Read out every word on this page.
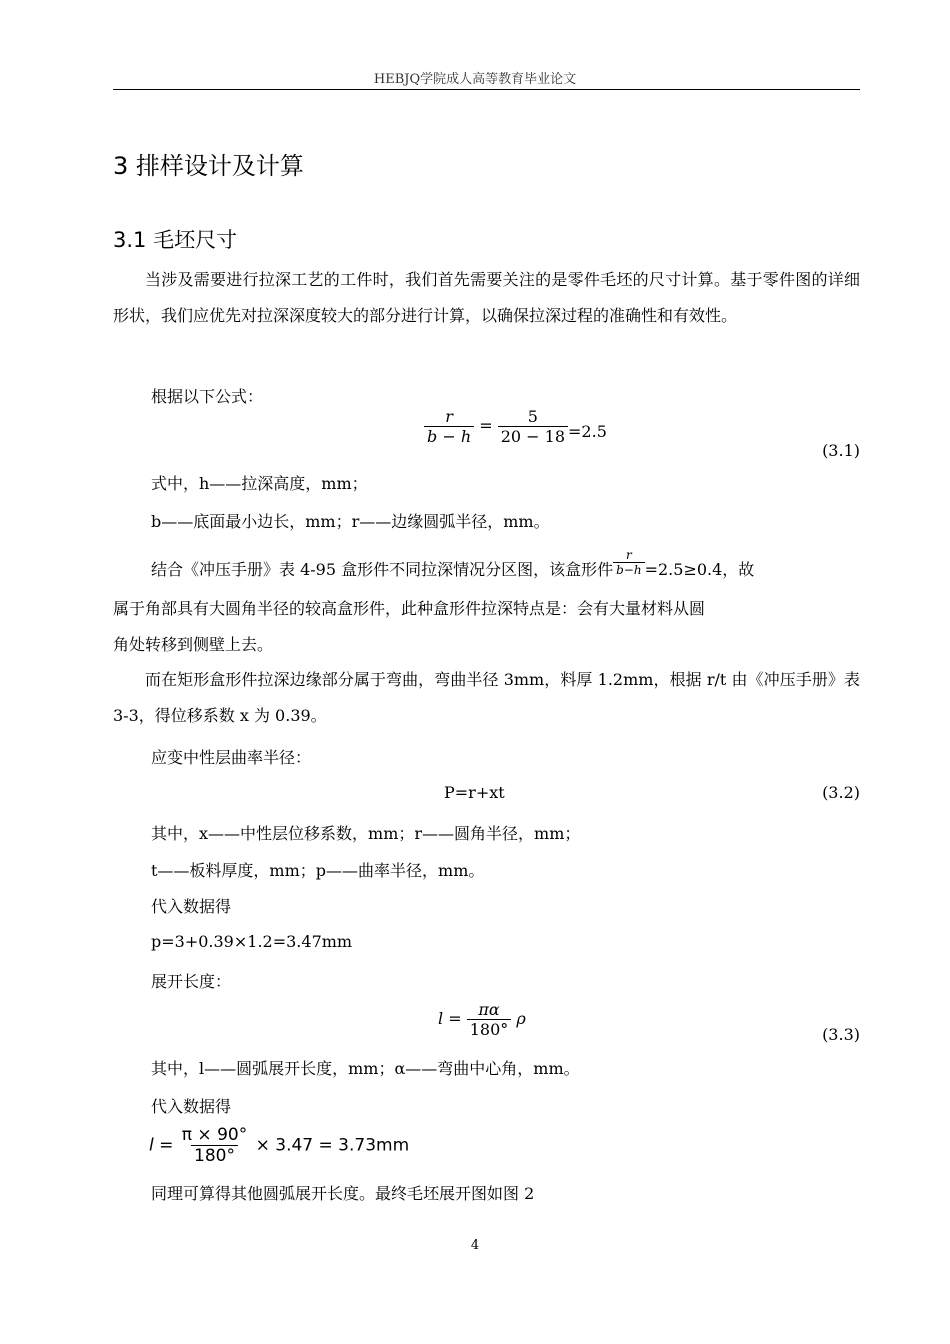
HEBJQ学院成人高等教育毕业论文
3 排样设计及计算
3.1 毛坯尺寸
当涉及需要进行拉深工艺的工件时，我们首先需要关注的是零件毛坯的尺寸计算。基于零件图的详细形状，我们应优先对拉深深度较大的部分进行计算，以确保拉深过程的准确性和有效性。
根据以下公式：
$\frac{r}{b - h} = \frac{5}{20 - 18} =2.5$
(3.1)
式中，h——拉深高度，mm；
b——底面最小边长，mm；r——边缘圆弧半径，mm。
结合《冲压手册》表 4-95 盒形件不同拉深情况分区图，该盒形件 $\frac{r}{b-h} =2.5\ge 0.4$，故
属于角部具有大圆角半径的较高盒形件，此种盒形件拉深特点是：会有大量材料从圆
角处转移到侧壁上去。
而在矩形盒形件拉深边缘部分属于弯曲，弯曲半径 3mm，料厚 1.2mm，根据 r/t 由《冲压手册》表 3-3，得位移系数 x 为 0.39。
应变中性层曲率半径：
P=r+xt	(3.2)
其中，x——中性层位移系数，mm；r——圆角半径，mm；
t——板料厚度，mm；p——曲率半径，mm。
代入数据得
p=3+0.39×1.2=3.47mm
展开长度：
$l = \frac{\pi\alpha}{180^\circ}$ ρ
(3.3)
其中，l——圆弧展开长度，mm；α——弯曲中心角，mm。
代入数据得
$l = \frac{\pi \times 90^\circ}{180^\circ} \times 3.47 = 3.73mm$
同理可算得其他圆弧展开长度。最终毛坯展开图如图 2
4
